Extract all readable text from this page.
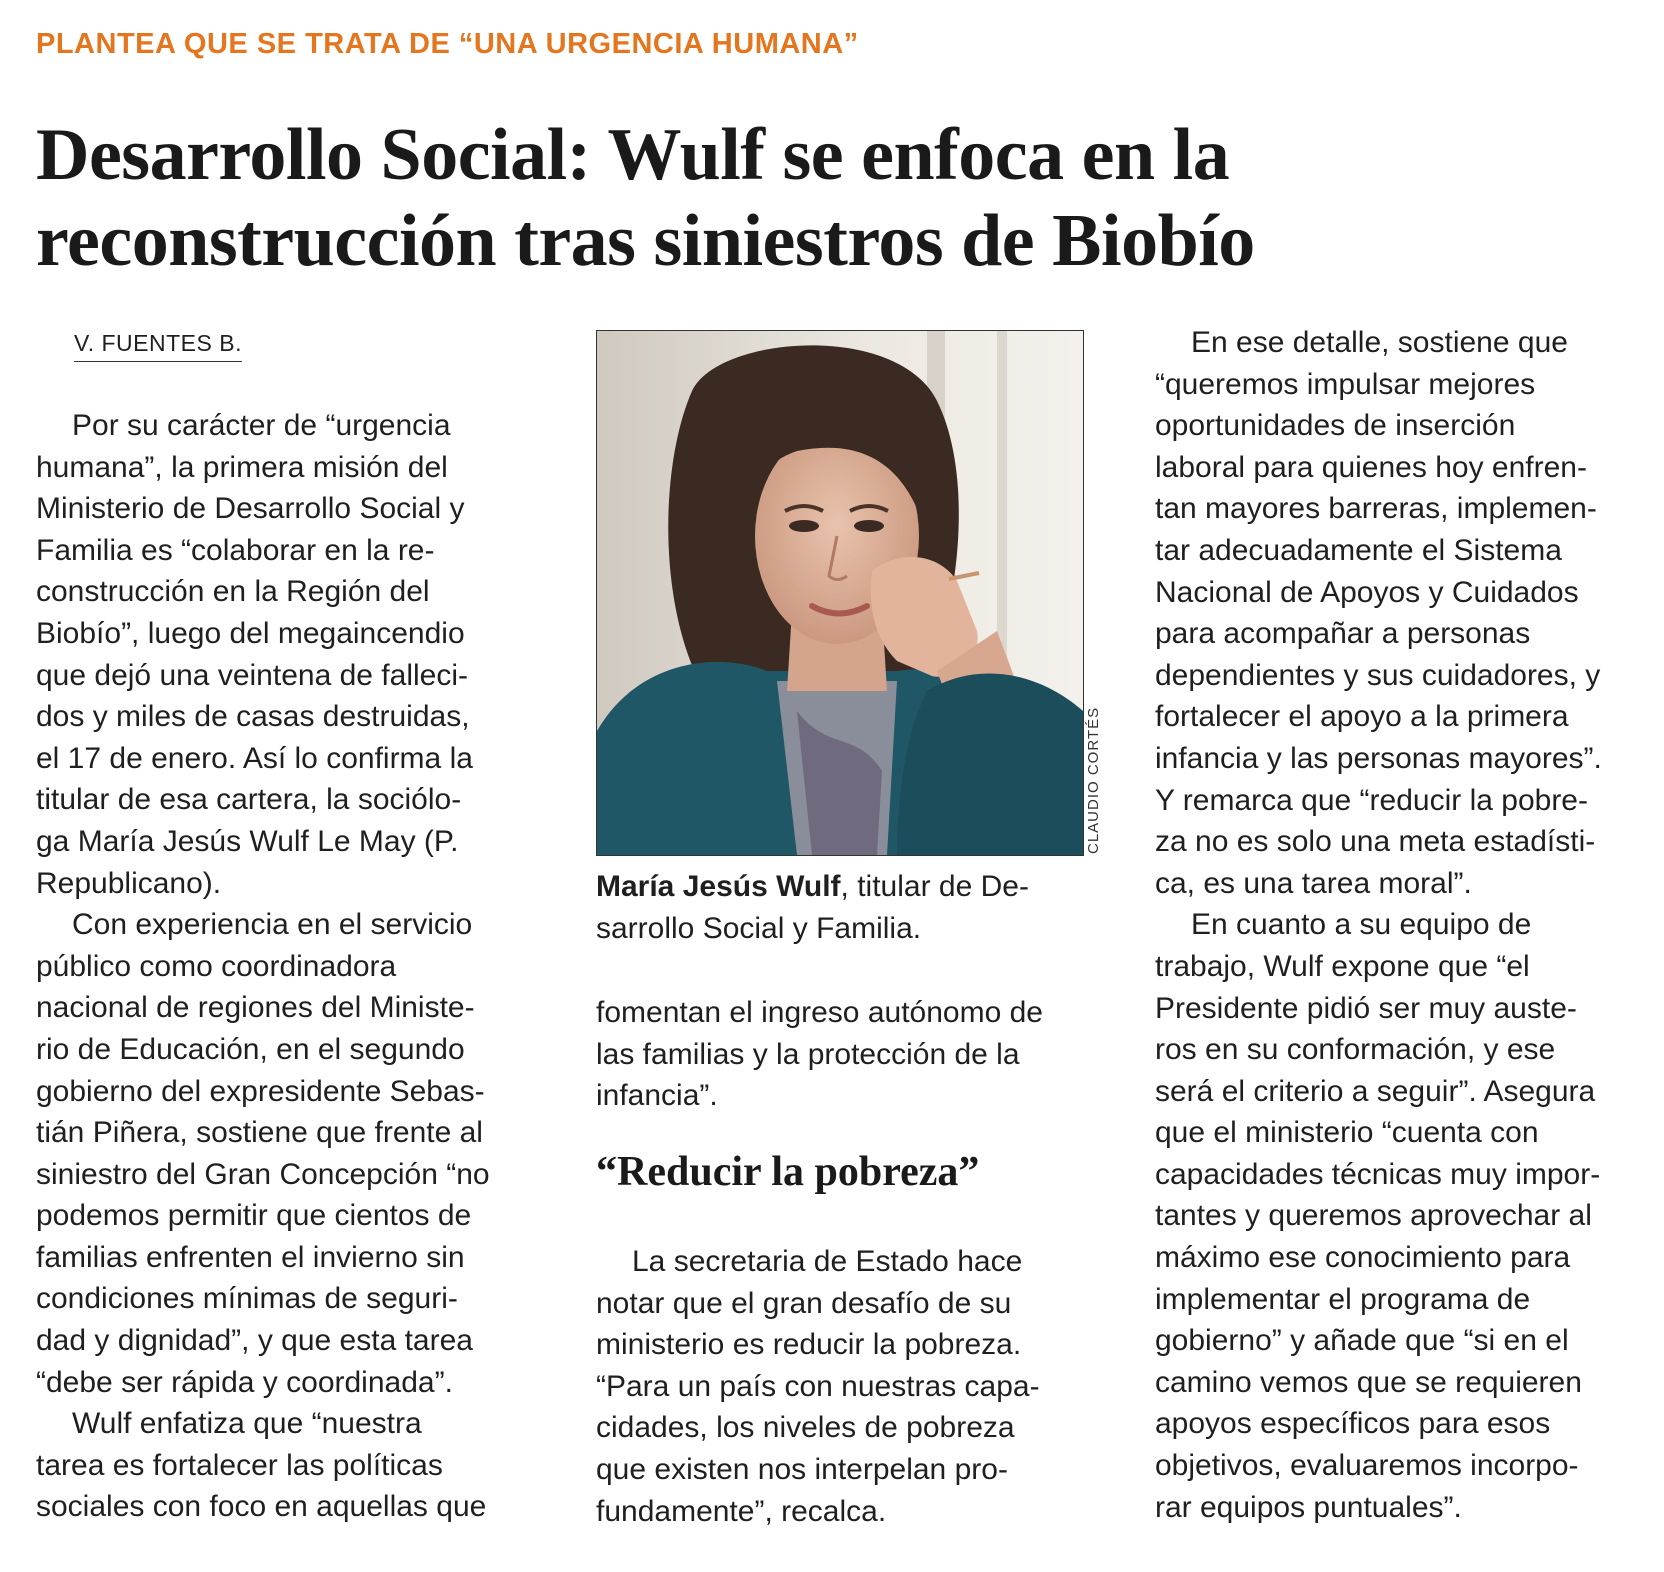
PLANTEA QUE SE TRATA DE “UNA URGENCIA HUMANA”
Desarrollo Social: Wulf se enfoca en la
reconstrucción tras siniestros de Biobío
V. FUENTES B.
Por su carácter de “urgencia
humana”, la primera misión del
Ministerio de Desarrollo Social y
Familia es “colaborar en la re-
construcción en la Región del
Biobío”, luego del megaincendio
que dejó una veintena de falleci-
dos y miles de casas destruidas,
el 17 de enero. Así lo confirma la
titular de esa cartera, la sociólo-
ga María Jesús Wulf Le May (P.
Republicano).
Con experiencia en el servicio
público como coordinadora
nacional de regiones del Ministe-
rio de Educación, en el segundo
gobierno del expresidente Sebas-
tián Piñera, sostiene que frente al
siniestro del Gran Concepción “no
podemos permitir que cientos de
familias enfrenten el invierno sin
condiciones mínimas de seguri-
dad y dignidad”, y que esta tarea
“debe ser rápida y coordinada”.
Wulf enfatiza que “nuestra
tarea es fortalecer las políticas
sociales con foco en aquellas que
CLAUDIO CORTÉS
María Jesús Wulf, titular de De-
sarrollo Social y Familia.
fomentan el ingreso autónomo de
las familias y la protección de la
infancia”.
“Reducir la pobreza”
La secretaria de Estado hace
notar que el gran desafío de su
ministerio es reducir la pobreza.
“Para un país con nuestras capa-
cidades, los niveles de pobreza
que existen nos interpelan pro-
fundamente”, recalca.
En ese detalle, sostiene que
“queremos impulsar mejores
oportunidades de inserción
laboral para quienes hoy enfren-
tan mayores barreras, implemen-
tar adecuadamente el Sistema
Nacional de Apoyos y Cuidados
para acompañar a personas
dependientes y sus cuidadores, y
fortalecer el apoyo a la primera
infancia y las personas mayores”.
Y remarca que “reducir la pobre-
za no es solo una meta estadísti-
ca, es una tarea moral”.
En cuanto a su equipo de
trabajo, Wulf expone que “el
Presidente pidió ser muy auste-
ros en su conformación, y ese
será el criterio a seguir”. Asegura
que el ministerio “cuenta con
capacidades técnicas muy impor-
tantes y queremos aprovechar al
máximo ese conocimiento para
implementar el programa de
gobierno” y añade que “si en el
camino vemos que se requieren
apoyos específicos para esos
objetivos, evaluaremos incorpo-
rar equipos puntuales”.
